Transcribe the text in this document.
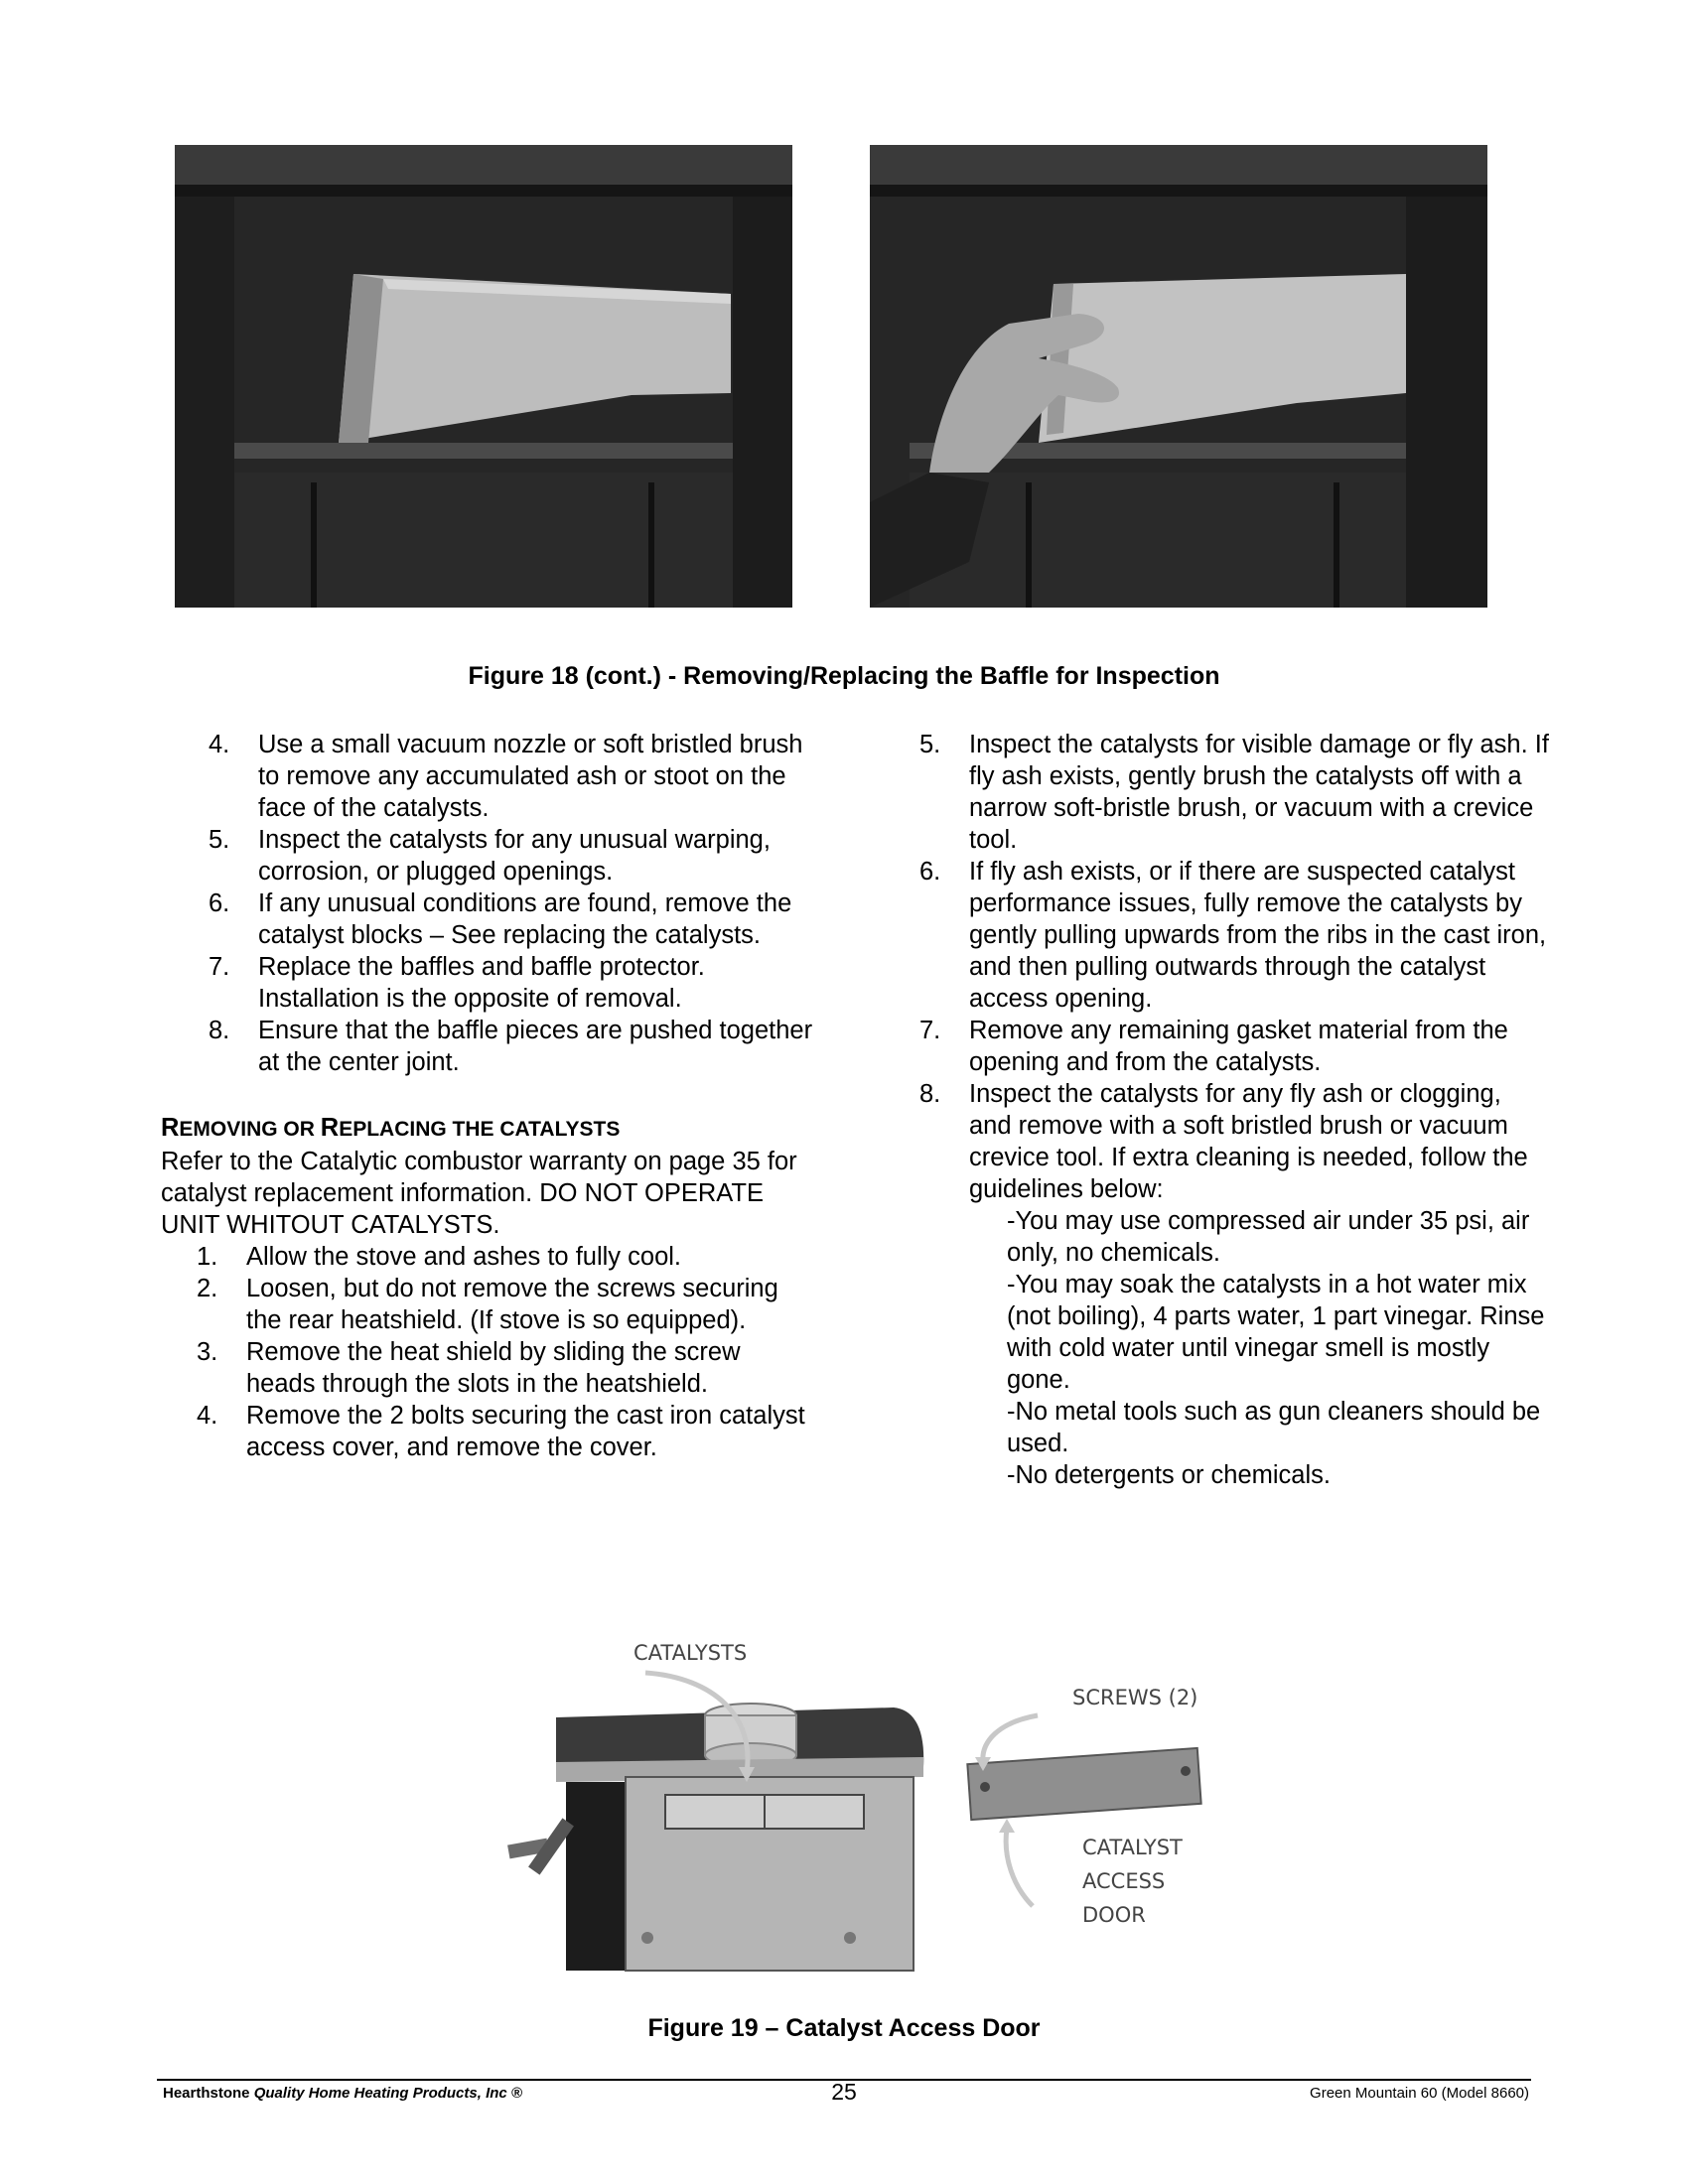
Figure 18 (cont.) - Removing/Replacing the Baffle for Inspection
4. Use a small vacuum nozzle or soft bristled brush to remove any accumulated ash or stoot on the face of the catalysts.
5. Inspect the catalysts for any unusual warping, corrosion, or plugged openings.
6. If any unusual conditions are found, remove the catalyst blocks – See replacing the catalysts.
7. Replace the baffles and baffle protector. Installation is the opposite of removal.
8. Ensure that the baffle pieces are pushed together at the center joint.
REMOVING OR REPLACING THE CATALYSTS
Refer to the Catalytic combustor warranty on page 35 for catalyst replacement information. DO NOT OPERATE UNIT WHITOUT CATALYSTS.
1. Allow the stove and ashes to fully cool.
2. Loosen, but do not remove the screws securing the rear heatshield. (If stove is so equipped).
3. Remove the heat shield by sliding the screw heads through the slots in the heatshield.
4. Remove the 2 bolts securing the cast iron catalyst access cover, and remove the cover.
5. Inspect the catalysts for visible damage or fly ash. If fly ash exists, gently brush the catalysts off with a narrow soft-bristle brush, or vacuum with a crevice tool.
6. If fly ash exists, or if there are suspected catalyst performance issues, fully remove the catalysts by gently pulling upwards from the ribs in the cast iron, and then pulling outwards through the catalyst access opening.
7. Remove any remaining gasket material from the opening and from the catalysts.
8. Inspect the catalysts for any fly ash or clogging, and remove with a soft bristled brush or vacuum crevice tool. If extra cleaning is needed, follow the guidelines below:
-You may use compressed air under 35 psi, air only, no chemicals.
-You may soak the catalysts in a hot water mix (not boiling), 4 parts water, 1 part vinegar. Rinse with cold water until vinegar smell is mostly gone.
-No metal tools such as gun cleaners should be used.
-No detergents or chemicals.
CATALYSTS
SCREWS (2)
CATALYST
ACCESS
DOOR
Figure 19 – Catalyst Access Door
Hearthstone Quality Home Heating Products, Inc ®	25	Green Mountain 60 (Model 8660)
